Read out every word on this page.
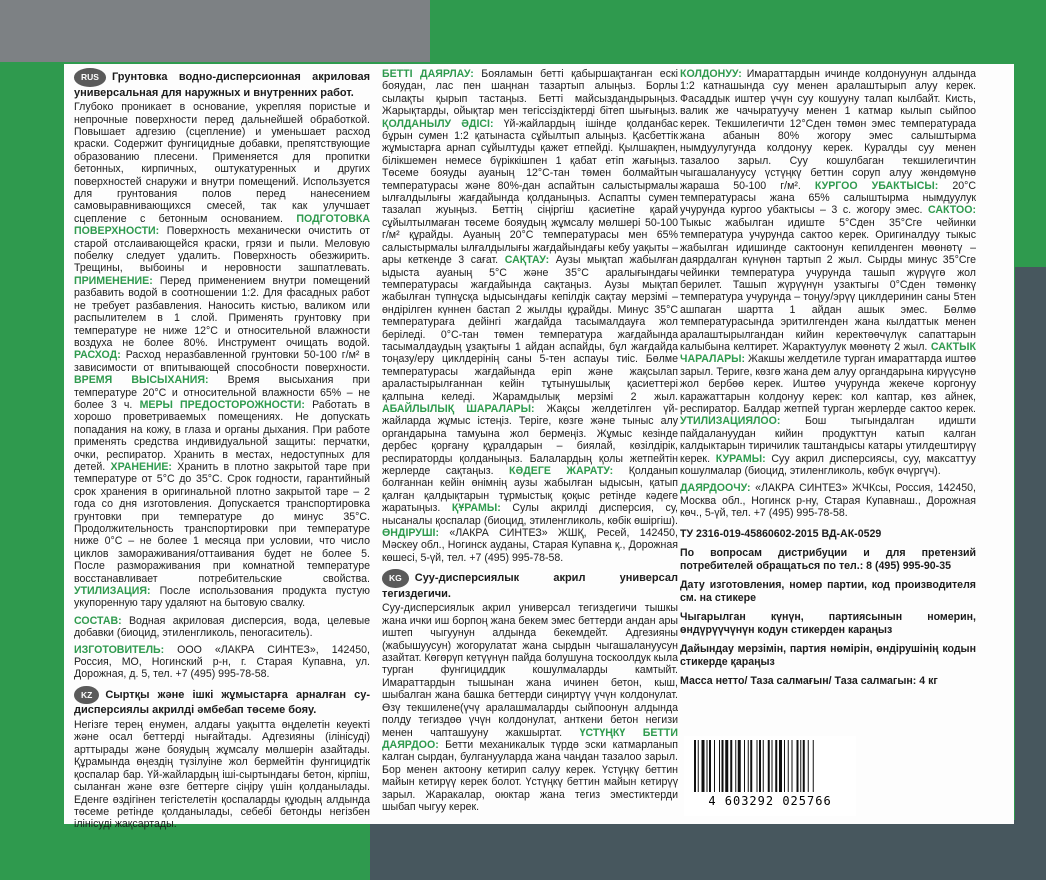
RUS Грунтовка водно-дисперсионная акриловая универсальная для наружных и внутренних работ.
Глубоко проникает в основание, укрепляя пористые и непрочные поверхности перед дальнейшей обработкой. Повышает адгезию (сцепление) и уменьшает расход краски. Содержит фунгицидные добавки, препятствующие образованию плесени. Применяется для пропитки бетонных, кирпичных, оштукатуренных и других поверхностей снаружи и внутри помещений. Используется для грунтования полов перед нанесением самовыравнивающихся смесей, так как улучшает сцепление с бетонным основанием. ПОДГОТОВКА ПОВЕРХНОСТИ: Поверхность механически очистить от старой отслаивающейся краски, грязи и пыли. Меловую побелку следует удалить. Поверхность обезжирить. Трещины, выбоины и неровности зашпатлевать. ПРИМЕНЕНИЕ: Перед применением внутри помещений разбавить водой в соотношении 1:2. Для фасадных работ не требует разбавления. Наносить кистью, валиком или распылителем в 1 слой. Применять грунтовку при температуре не ниже 12°С и относительной влажности воздуха не более 80%. Инструмент очищать водой. РАСХОД: Расход неразбавленной грунтовки 50-100 г/м² в зависимости от впитывающей способности поверхности. ВРЕМЯ ВЫСЫХАНИЯ: Время высыхания при температуре 20°С и относительной влажности 65% – не более 3 ч. МЕРЫ ПРЕДОСТОРОЖНОСТИ: Работать в хорошо проветриваемых помещениях. Не допускать попадания на кожу, в глаза и органы дыхания. При работе применять средства индивидуальной защиты: перчатки, очки, респиратор. Хранить в местах, недоступных для детей. ХРАНЕНИЕ: Хранить в плотно закрытой таре при температуре от 5°С до 35°С. Срок годности, гарантийный срок хранения в оригинальной плотно закрытой таре – 2 года со дня изготовления. Допускается транспортировка грунтовки при температуре до минус 35°С. Продолжительность транспортировки при температуре ниже 0°С – не более 1 месяца при условии, что число циклов замораживания/оттаивания будет не более 5. После размораживания при комнатной температуре восстанавливает потребительские свойства. УТИЛИЗАЦИЯ: После использования продукта пустую укупоренную тару удаляют на бытовую свалку.
СОСТАВ: Водная акриловая дисперсия, вода, целевые добавки (биоцид, этиленгликоль, пеногаситель).
ИЗГОТОВИТЕЛЬ: ООО «ЛАКРА СИНТЕЗ», 142450, Россия, МО, Ногинский р-н, г. Старая Купавна, ул. Дорожная, д. 5, тел. +7 (495) 995-78-58.
KZ Сыртқы және ішкі жұмыстарға арналған су-дисперсиялы акрилді әмбебап төсеме бояу.
Негізге терең енумен, алдағы уақытта өңделетін кеуекті және осал беттерді нығайтады. Адгезияны (ілінісуді) арттырады және бояудың жұмсалу мөлшерін азайтады. Құрамында өңездің түзілуіне жол бермейтін фунгицидтік қоспалар бар. Үй-жайлардың іші-сыртындағы бетон, кірпіш, сыланған және өзге беттерге сіңіру үшін қолданылады. Еденге өздігінен тегістелетін қоспаларды құюдың алдында төсеме ретінде қолданылады, себебі бетонды негізбен ілінісуді жақсартады.
БЕТТІ ДАЯРЛАУ: Бояламын бетті қабыршақтанған ескі бояудан, лас пен шаңнан тазартып алыңыз. Борлы сылақты қырып тастаңыз. Бетті майсыздандырыңыз. Жарықтарды, ойықтар мен тегіссіздіктерді бітеп шығыңыз. ҚОЛДАНЫЛУ ӘДІСІ: Үй-жайлардың ішінде қолданбас бұрын сумен 1:2 қатынаста сұйылтып алыңыз. Қасбеттік жұмыстарға арнап сұйылтуды қажет етпейді. Қылшақпен, білікшемен немесе бүріккішпен 1 қабат етіп жағыңыз. Төсеме бояуды ауаның 12°С-тан төмен болмайтын температурасы және 80%-дан аспайтын салыстырмалы ылғалдылығы жағдайында қолданыңыз. Аспапты сумен тазалап жуыңыз. Беттің сіңіргіш қасиетіне қарай сұйылтылмаған төсеме бояудың жұмсалу мөлшері 50-100 г/м² құрайды. Ауаның 20°С температурасы мен 65% салыстырмалы ылғалдылығы жағдайындағы кебу уақыты – ары кеткенде 3 сағат. САҚТАУ: Аузы мықтап жабылған ыдыста ауаның 5°С және 35°С аралығындағы температурасы жағдайында сақтаңыз. Аузы мықтап жабылған түпнұсқа ыдысындағы кепілдік сақтау мерзімі – өндірілген күннен бастап 2 жылды құрайды. Минус 35°С температураға дейінгі жағдайда тасымалдауға жол беріледі. 0°С-тан төмен температура жағдайында тасымалдаудың ұзақтығы 1 айдан аспайды, бұл жағдайда тоңазу/еру циклдерінің саны 5-тен аспауы тиіс. Бөлме температурасы жағдайында еріп және жақсылап араластырылғаннан кейін тұтынушылық қасиеттері қалпына келеді. Жарамдылық мерзімі 2 жыл. АБАЙЛЫЛЫҚ ШАРАЛАРЫ: Жақсы желдетілген үй-жайларда жұмыс істеңіз. Теріге, көзге және тыныс алу органдарына тамуына жол бермеңіз. Жұмыс кезінде дербес қорғану құралдарын – биялай, көзілдірік, респираторды қолданыңыз. Балалардың қолы жетпейтін жерлерде сақтаңыз. КӘДЕГЕ ЖАРАТУ: Қолданып болғаннан кейін өнімнің аузы жабылған ыдысын, қатып қалған қалдықтарын тұрмыстық қоқыс ретінде кәдеге жаратыңыз. ҚҰРАМЫ: Сулы акрилді дисперсия, су, нысаналы қоспалар (биоцид, этиленгликоль, көбік өшіргіш). ӨНДІРУШІ: «ЛАКРА СИНТЕЗ» ЖШҚ, Ресей, 142450, Мәскеу обл., Ногинск ауданы, Старая Купавна қ., Дорожная көшесі, 5-үй, тел. +7 (495) 995-78-58.
KG Суу-дисперсиялык акрил универсал тегиздегичи.
Суу-дисперсиялык акрил универсал тегиздегичи тышкы жана ички иш борпоң жана бекем эмес беттерди андан ары иштеп чыгуунун алдында бекемдейт. Адгезияны (жабышуусун) жогорулатат жана сырдын чыгашалануусун азайтат. Көгөрүп кетүүнүн пайда болушуна тоскоолдук кыла турган фунгициддик кошулмаларды камтыйт. Имараттардын тышынан жана ичинен бетон, кыш, шыбалган жана башка беттерди сиңиртүү үчүн колдонулат. Өзү текшилене(үчү аралашмаларды сыйпоонун алдында полду тегиздөө үчүн колдонулат, анткени бетон негизи менен чапташууну жакшыртат. ҮСТҮҢКҮ БЕТТИ ДАЯРДОО: Бетти механикалык түрдө эски катмарланып калган сырдан, булганууларда жана чаңдан тазалоо зарыл. Бор менен актоону кетирип салуу керек. Үстүңкү беттин майын кетирүү керек болот. Үстүңкү беттин майын кетирүү зарыл. Жаракалар, оюктар жана тегиз эместиктерди шыбап чыгуу керек.
КОЛДОНУУ: Имараттардын ичинде колдонуунун алдында 1:2 катнашында суу менен аралаштырып алуу керек. Фасаддык иштер үчүн суу кошууну талап кылбайт. Кисть, валик же чачыратуучу менен 1 катмар кылып сыйпоо керек. Текшилегичти 12°Сден төмөн эмес температурада жана абанын 80% жогору эмес салыштырма нымдуулугунда колдонуу керек. Куралды суу менен тазалоо зарыл. Суу кошулбаган текшилегичтин чыгашалануусу үстүңкү беттин соруп алуу жөндөмүнө жараша 50-100 г/м². КУРГОО УБАКТЫСЫ: 20°С температурасы жана 65% салыштырма нымдуулук учурунда кургоо убактысы – 3 с. жогору эмес. САКТОО: Тыкыс жабылган идиште 5°Сден 35°Сге чейинки температура учурунда сактоо керек. Оригиналдуу тыкыс жабылган идишинде сактоонун кепилденген мөөнөтү – даярдалган күнүнөн тартып 2 жыл. Сырды минус 35°Сге чейинки температура учурунда ташып жүрүүгө жол берилет. Ташып жүрүүнүн узактыгы 0°Сден төмөнкү температура учурунда – тоңуу/эрүү циклдеринин саны 5тен ашпаган шартта 1 айдан ашык эмес. Бөлмө температурасында эритилгенден жана кылдаттык менен аралаштырылгандан кийин керектөөчүлүк сапаттарын калыбына келтирет. Жарактуулук мөөнөтү 2 жыл. САКТЫК ЧАРАЛАРЫ: Жакшы желдетиле турган имараттарда иштөө зарыл. Териге, көзгө жана дем алуу органдарына кирүүсүнө жол бербөө керек. Иштөө учурунда жекече коргонуу каражаттарын колдонуу керек: кол каптар, көз айнек, респиратор. Балдар жетпей турган жерлерде сактоо керек. УТИЛИЗАЦИЯЛОО: Бош тыгындалган идишти пайдалануудан кийин продукттун катып калган калдыктарын тиричилик таштандысы катары утилдештирүү керек. КУРАМЫ: Суу акрил дисперсиясы, суу, максаттуу кошулмалар (биоцид, этиленгликоль, көбүк өчүргүч).
ДАЯРДООЧУ: «ЛАКРА СИНТЕЗ» ЖЧКсы, Россия, 142450, Москва обл., Ногинск р-ну, Старая Купавнаш., Дорожная көч., 5-үй, тел. +7 (495) 995-78-58.

ТУ 2316-019-45860602-2015 ВД-АК-0529

По вопросам дистрибуции и для претензий потребителей обращаться по тел.: 8 (495) 995-90-35

Дату изготовления, номер партии, код производителя см. на стикере

Чыгарылган күнүн, партиясынын номерин, өндүрүүчүнүн кодун стикерден караңыз

Дайындау мерзімін, партия нөмірін, өндірушінің кодын стикерде қараңыз

Масса нетто/ Таза салмағын/ Таза салмагын: 4 кг

4 603292 025766
